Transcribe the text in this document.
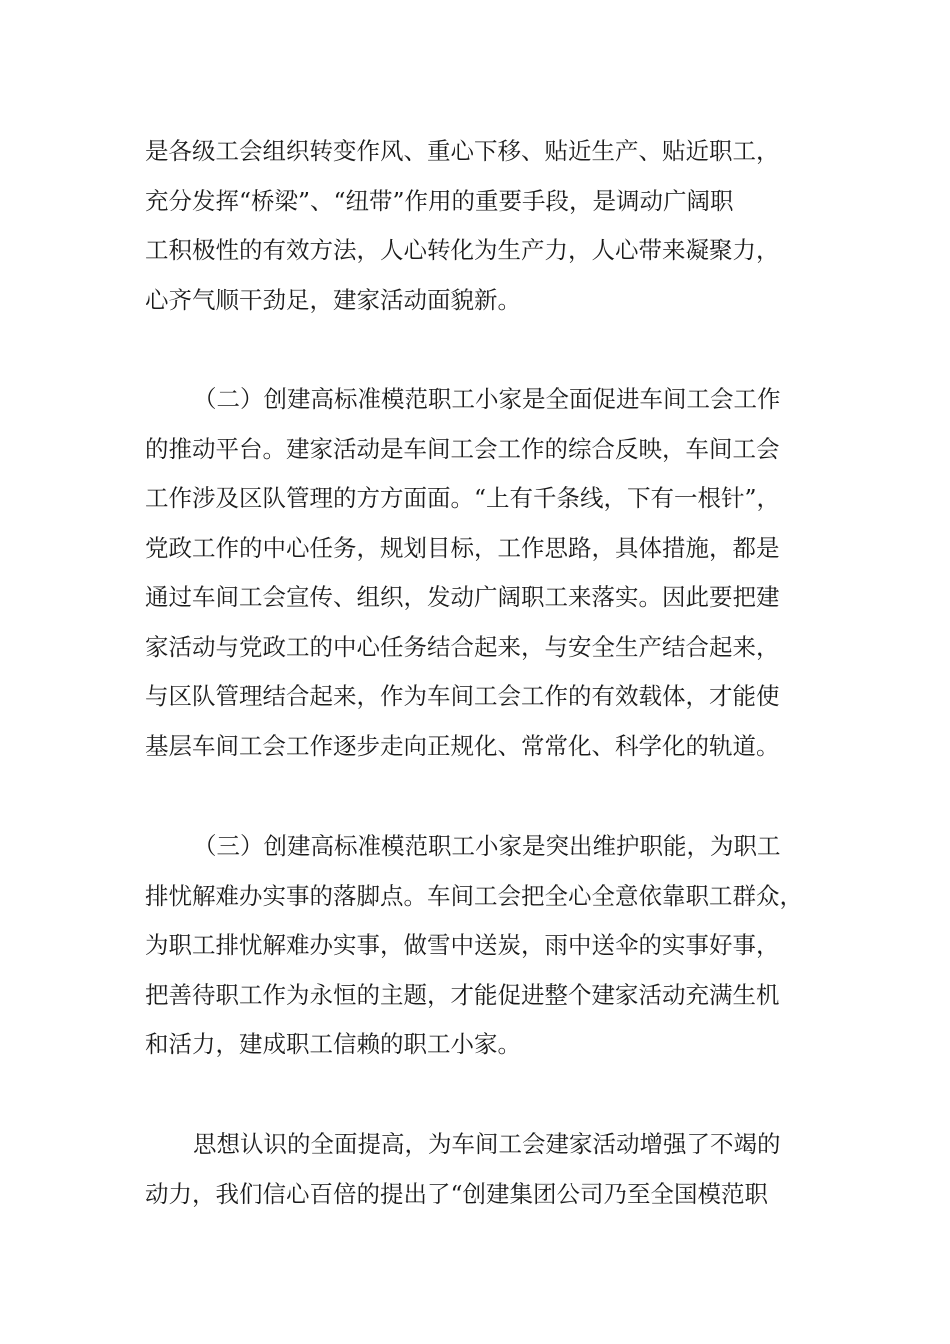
是各级工会组织转变作风、重心下移、贴近生产、贴近职工，
充分发挥“桥梁”、“纽带”作用的重要手段，是调动广阔职
工积极性的有效方法，人心转化为生产力，人心带来凝聚力，
心齐气顺干劲足，建家活动面貌新。
（二）创建高标准模范职工小家是全面促进车间工会工作
的推动平台。建家活动是车间工会工作的综合反映，车间工会
工作涉及区队管理的方方面面。“上有千条线，下有一根针”，
党政工作的中心任务，规划目标，工作思路，具体措施，都是
通过车间工会宣传、组织，发动广阔职工来落实。因此要把建
家活动与党政工的中心任务结合起来，与安全生产结合起来，
与区队管理结合起来，作为车间工会工作的有效载体，才能使
基层车间工会工作逐步走向正规化、常常化、科学化的轨道。
（三）创建高标准模范职工小家是突出维护职能，为职工
排忧解难办实事的落脚点。车间工会把全心全意依靠职工群众，
为职工排忧解难办实事，做雪中送炭，雨中送伞的实事好事，
把善待职工作为永恒的主题，才能促进整个建家活动充满生机
和活力，建成职工信赖的职工小家。
思想认识的全面提高，为车间工会建家活动增强了不竭的
动力，我们信心百倍的提出了“创建集团公司乃至全国模范职
